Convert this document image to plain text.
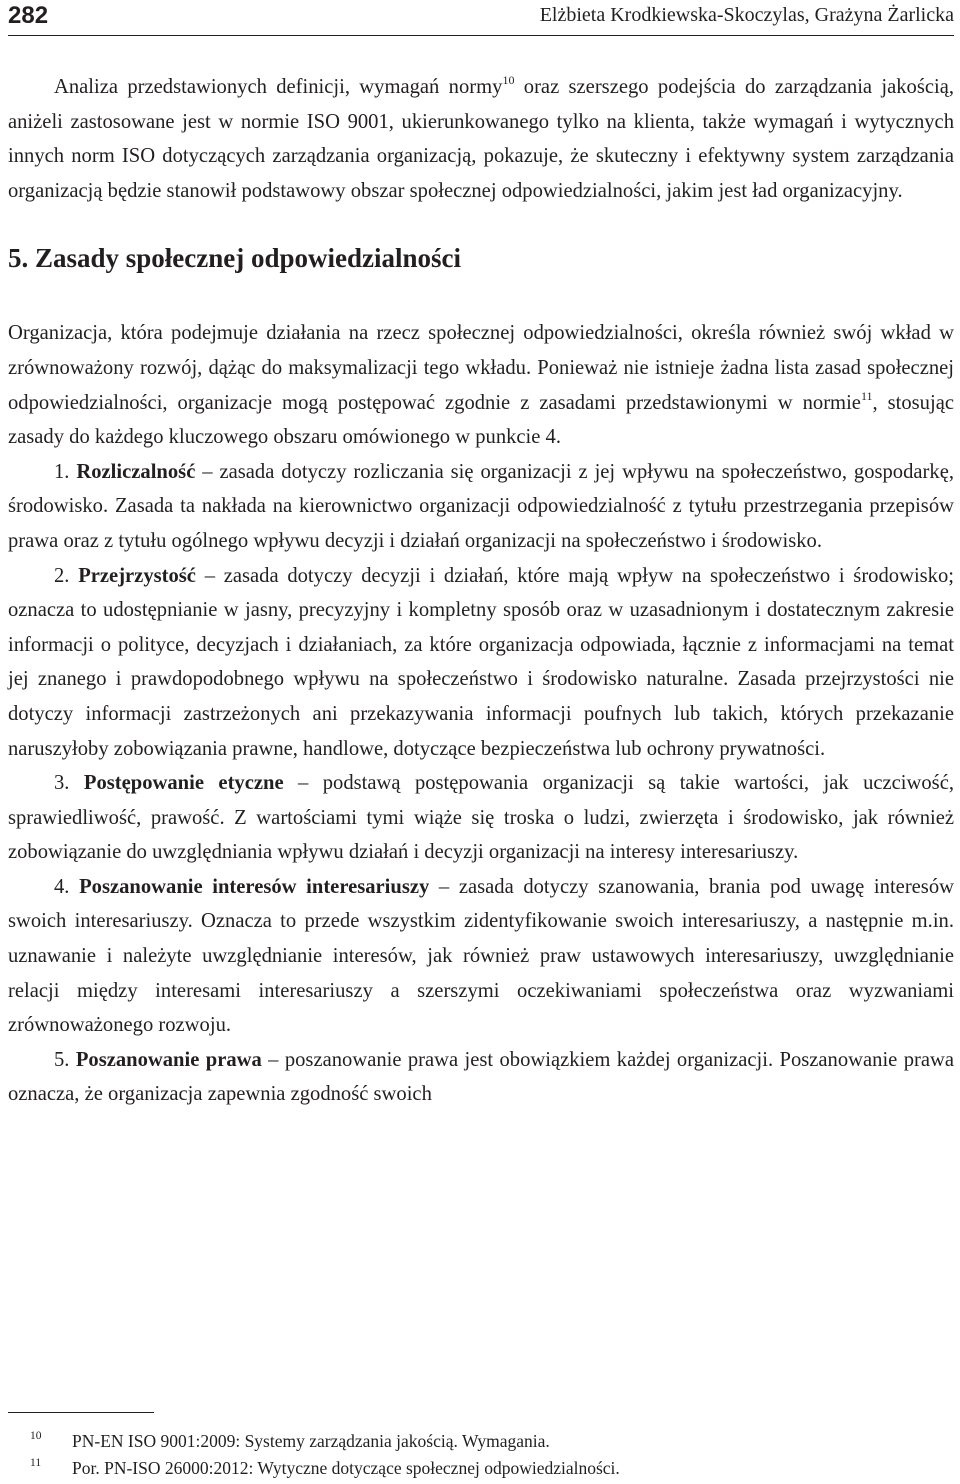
282	Elżbieta Krodkiewska-Skoczylas, Grażyna Żarlicka

Analiza przedstawionych definicji, wymagań normy$^{10}$ oraz szerszego podejścia do zarządzania jakością, aniżeli zastosowane jest w normie ISO 9001, ukierunkowanego tylko na klienta, także wymagań i wytycznych innych norm ISO dotyczących zarządzania organizacją, pokazuje, że skuteczny i efektywny system zarządzania organizacją będzie stanowił podstawowy obszar społecznej odpowiedzialności, jakim jest ład organizacyjny.

5. Zasady społecznej odpowiedzialności

Organizacja, która podejmuje działania na rzecz społecznej odpowiedzialności, określa również swój wkład w zrównoważony rozwój, dążąc do maksymalizacji tego wkładu. Ponieważ nie istnieje żadna lista zasad społecznej odpowiedzialności, organizacje mogą postępować zgodnie z zasadami przedstawionymi w normie$^{11}$, stosując zasady do każdego kluczowego obszaru omówionego w punkcie 4.

1. Rozliczalność – zasada dotyczy rozliczania się organizacji z jej wpływu na społeczeństwo, gospodarkę, środowisko. Zasada ta nakłada na kierownictwo organizacji odpowiedzialność z tytułu przestrzegania przepisów prawa oraz z tytułu ogólnego wpływu decyzji i działań organizacji na społeczeństwo i środowisko.

2. Przejrzystość – zasada dotyczy decyzji i działań, które mają wpływ na społeczeństwo i środowisko; oznacza to udostępnianie w jasny, precyzyjny i kompletny sposób oraz w uzasadnionym i dostatecznym zakresie informacji o polityce, decyzjach i działaniach, za które organizacja odpowiada, łącznie z informacjami na temat jej znanego i prawdopodobnego wpływu na społeczeństwo i środowisko naturalne. Zasada przejrzystości nie dotyczy informacji zastrzeżonych ani przekazywania informacji poufnych lub takich, których przekazanie naruszyłoby zobowiązania prawne, handlowe, dotyczące bezpieczeństwa lub ochrony prywatności.

3. Postępowanie etyczne – podstawą postępowania organizacji są takie wartości, jak uczciwość, sprawiedliwość, prawość. Z wartościami tymi wiąże się troska o ludzi, zwierzęta i środowisko, jak również zobowiązanie do uwzględniania wpływu działań i decyzji organizacji na interesy interesariuszy.

4. Poszanowanie interesów interesariuszy – zasada dotyczy szanowania, brania pod uwagę interesów swoich interesariuszy. Oznacza to przede wszystkim zidentyfikowanie swoich interesariuszy, a następnie m.in. uznawanie i należyte uwzględnianie interesów, jak również praw ustawowych interesariuszy, uwzględnianie relacji między interesami interesariuszy a szerszymi oczekiwaniami społeczeństwa oraz wyzwaniami zrównoważonego rozwoju.

5. Poszanowanie prawa – poszanowanie prawa jest obowiązkiem każdej organizacji. Poszanowanie prawa oznacza, że organizacja zapewnia zgodność swoich

10 PN-EN ISO 9001:2009: Systemy zarządzania jakością. Wymagania.

11 Por. PN-ISO 26000:2012: Wytyczne dotyczące społecznej odpowiedzialności.
